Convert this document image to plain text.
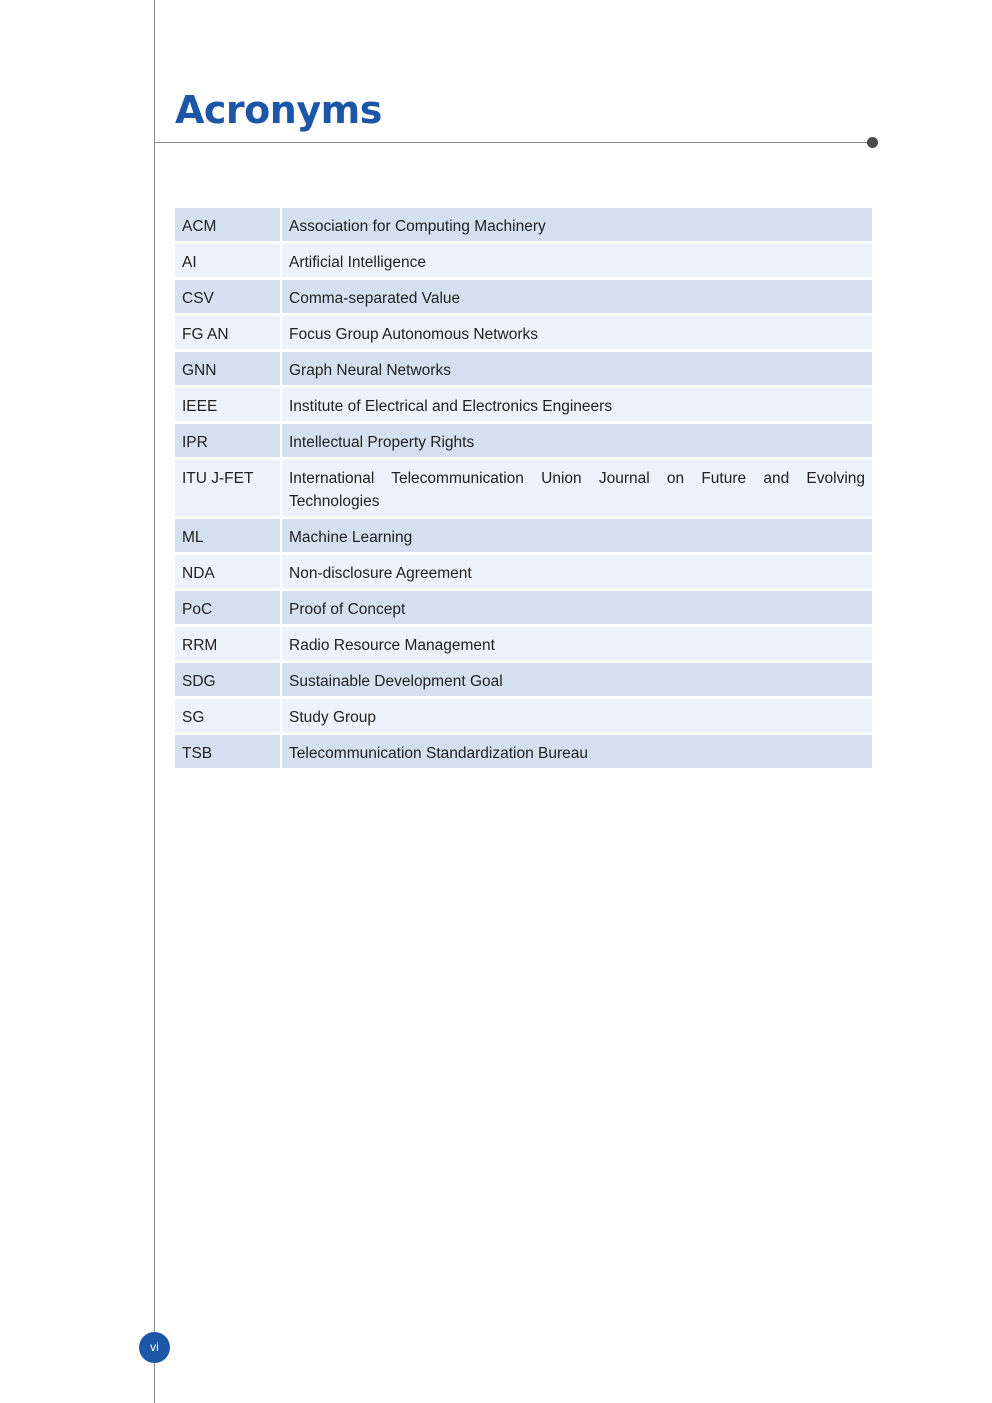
Acronyms
ACM	Association for Computing Machinery
AI	Artificial Intelligence
CSV	Comma-separated Value
FG AN	Focus Group Autonomous Networks
GNN	Graph Neural Networks
IEEE	Institute of Electrical and Electronics Engineers
IPR	Intellectual Property Rights
ITU J-FET	International Telecommunication Union Journal on Future and Evolving Technologies
ML	Machine Learning
NDA	Non-disclosure Agreement
PoC	Proof of Concept
RRM	Radio Resource Management
SDG	Sustainable Development Goal
SG	Study Group
TSB	Telecommunication Standardization Bureau
vi
